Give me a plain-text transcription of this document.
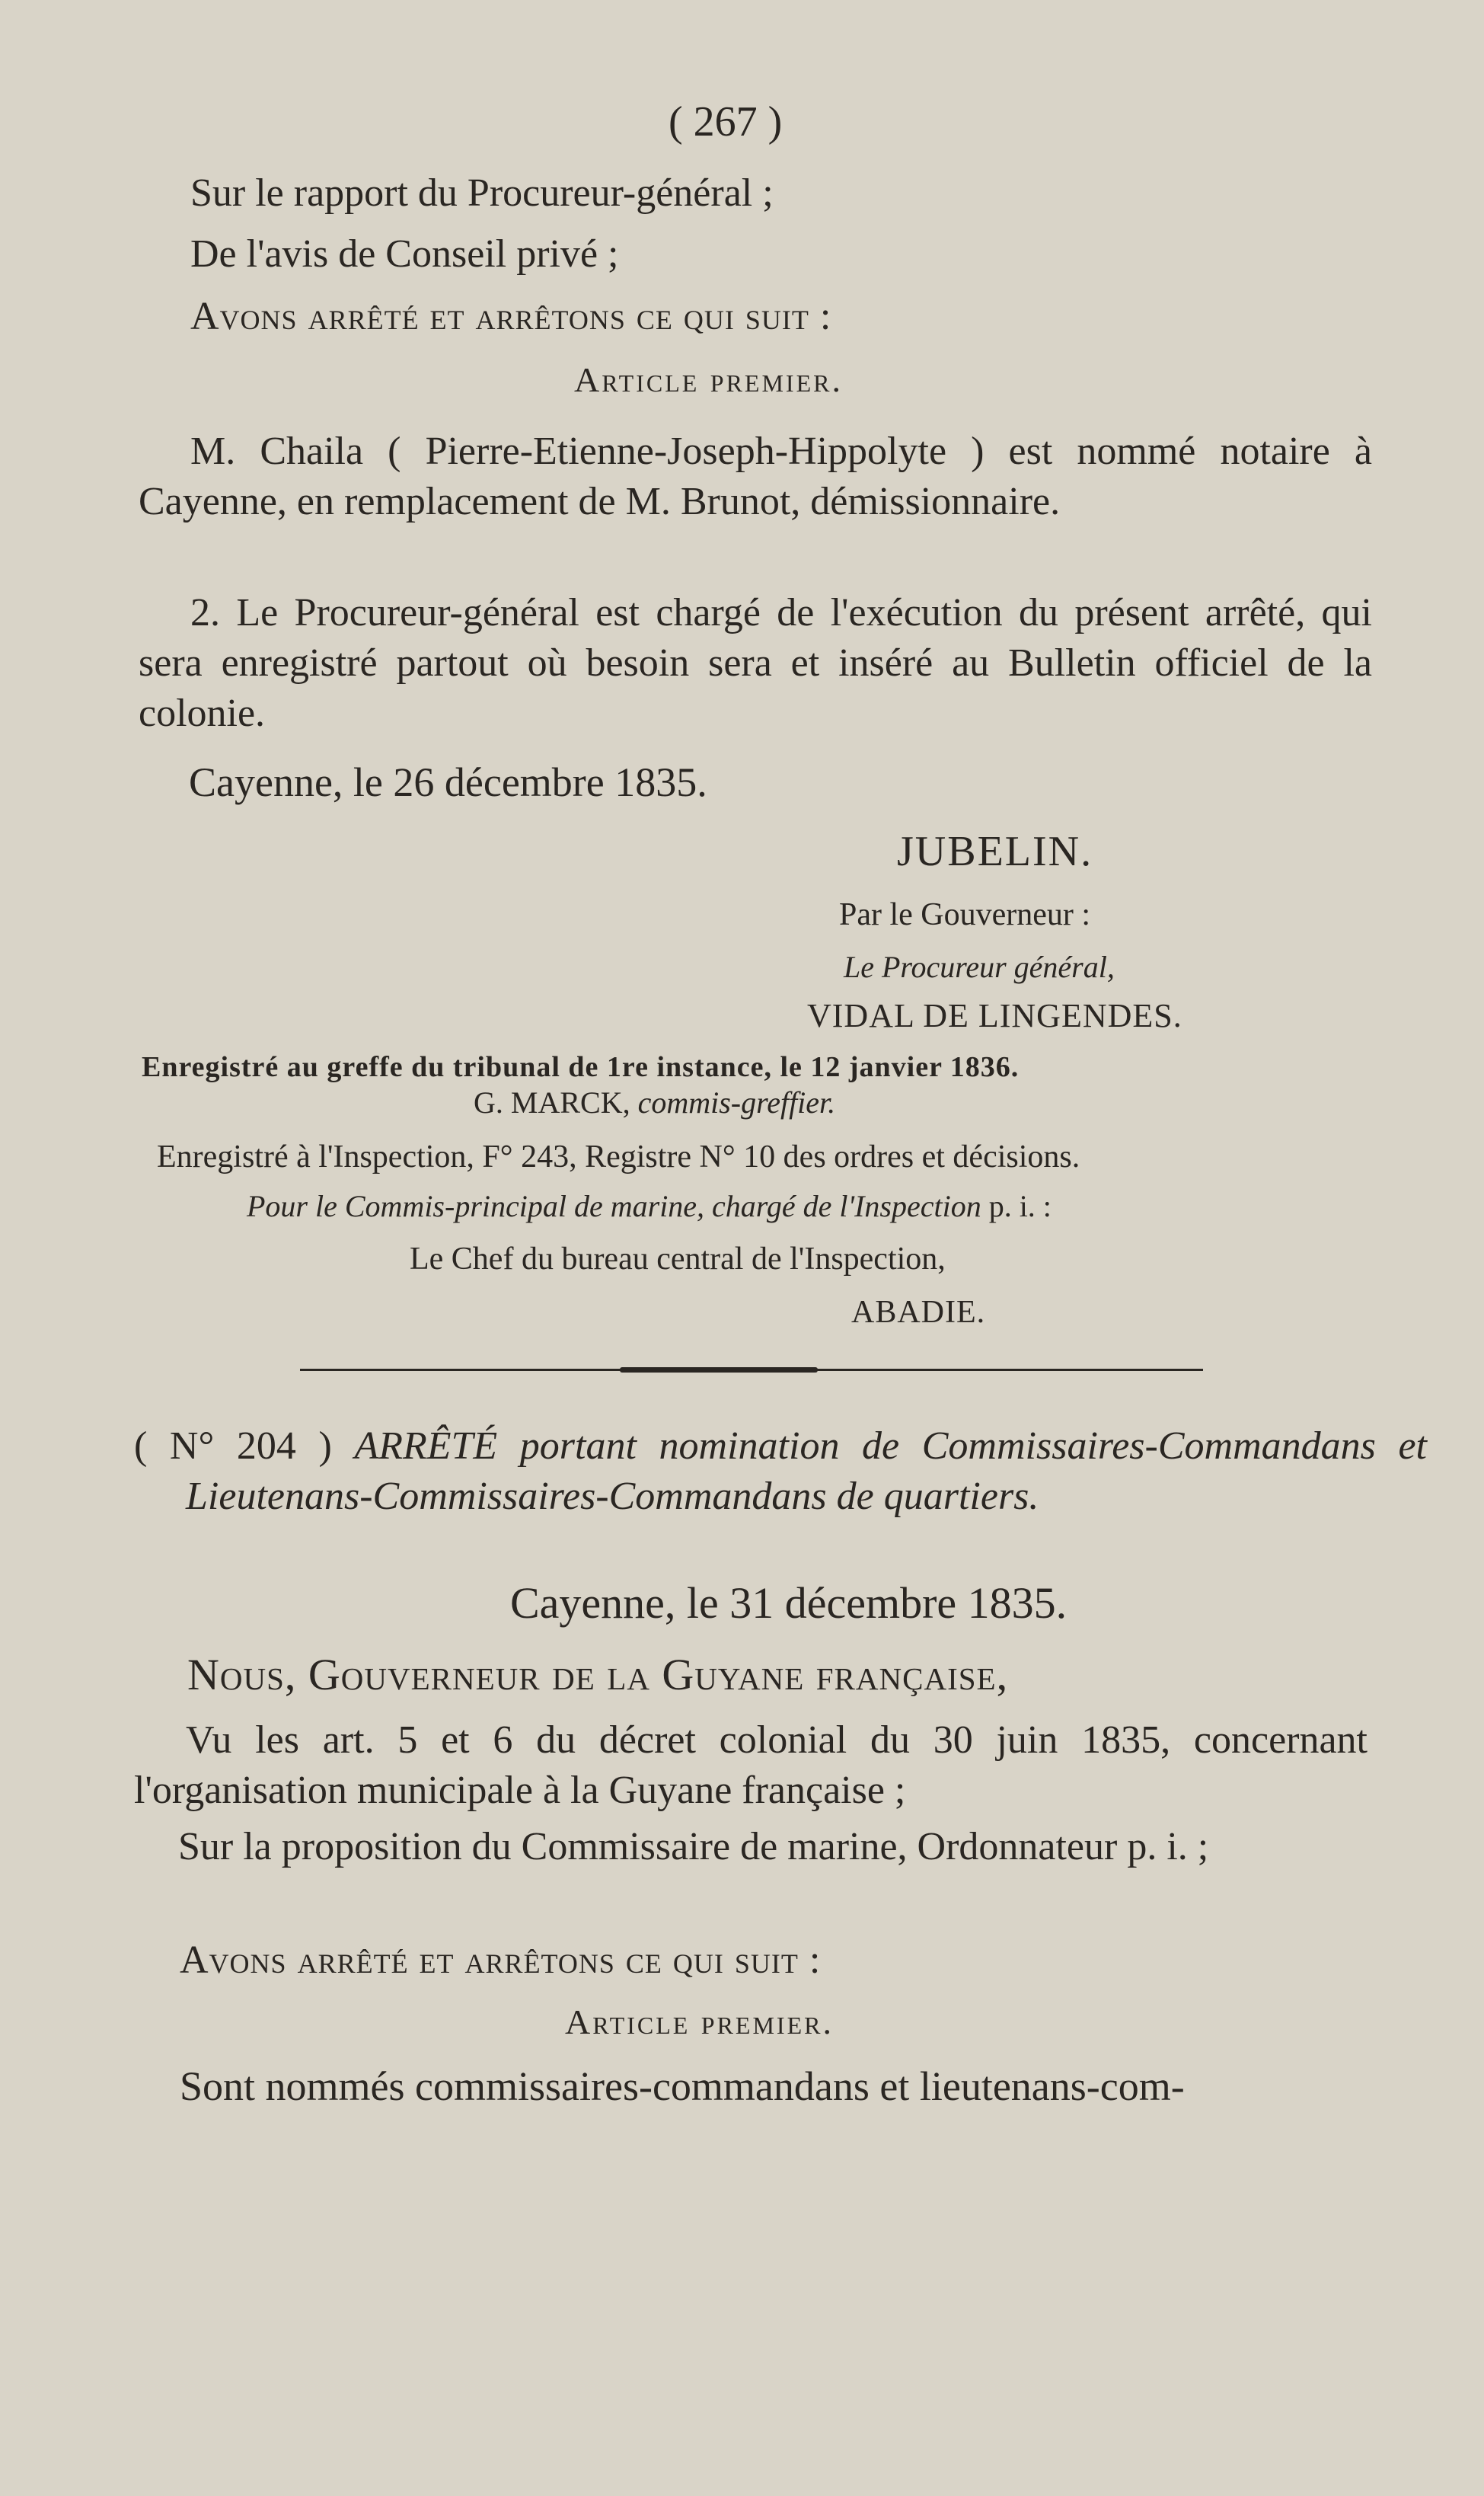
( 267 )
Sur le rapport du Procureur-général ;
De l'avis de Conseil privé ;
Avons arrêté et arrêtons ce qui suit :
Article premier.
M. Chaila ( Pierre-Etienne-Joseph-Hippolyte ) est nommé notaire à Cayenne, en remplacement de M. Brunot, démissionnaire.
2. Le Procureur-général est chargé de l'exécution du présent arrêté, qui sera enregistré partout où besoin sera et inséré au Bulletin officiel de la colonie.
Cayenne, le 26 décembre 1835.
JUBELIN.
Par le Gouverneur :
Le Procureur général,
VIDAL DE LINGENDES.
Enregistré au greffe du tribunal de 1re instance, le 12 janvier 1836.
G. MARCK, commis-greffier.
Enregistré à l'Inspection, F° 243, Registre N° 10 des ordres et décisions.
Pour le Commis-principal de marine, chargé de l'Inspection p. i. :
Le Chef du bureau central de l'Inspection,
ABADIE.
( N° 204 ) ARRÊTÉ portant nomination de Commissaires-Commandans et Lieutenans-Commissaires-Commandans de quartiers.
Cayenne, le 31 décembre 1835.
Nous, Gouverneur de la Guyane française,
Vu les art. 5 et 6 du décret colonial du 30 juin 1835, concernant l'organisation municipale à la Guyane française ;
Sur la proposition du Commissaire de marine, Ordonnateur p. i. ;
Avons arrêté et arrêtons ce qui suit :
Article premier.
Sont nommés commissaires-commandans et lieutenans-com-
